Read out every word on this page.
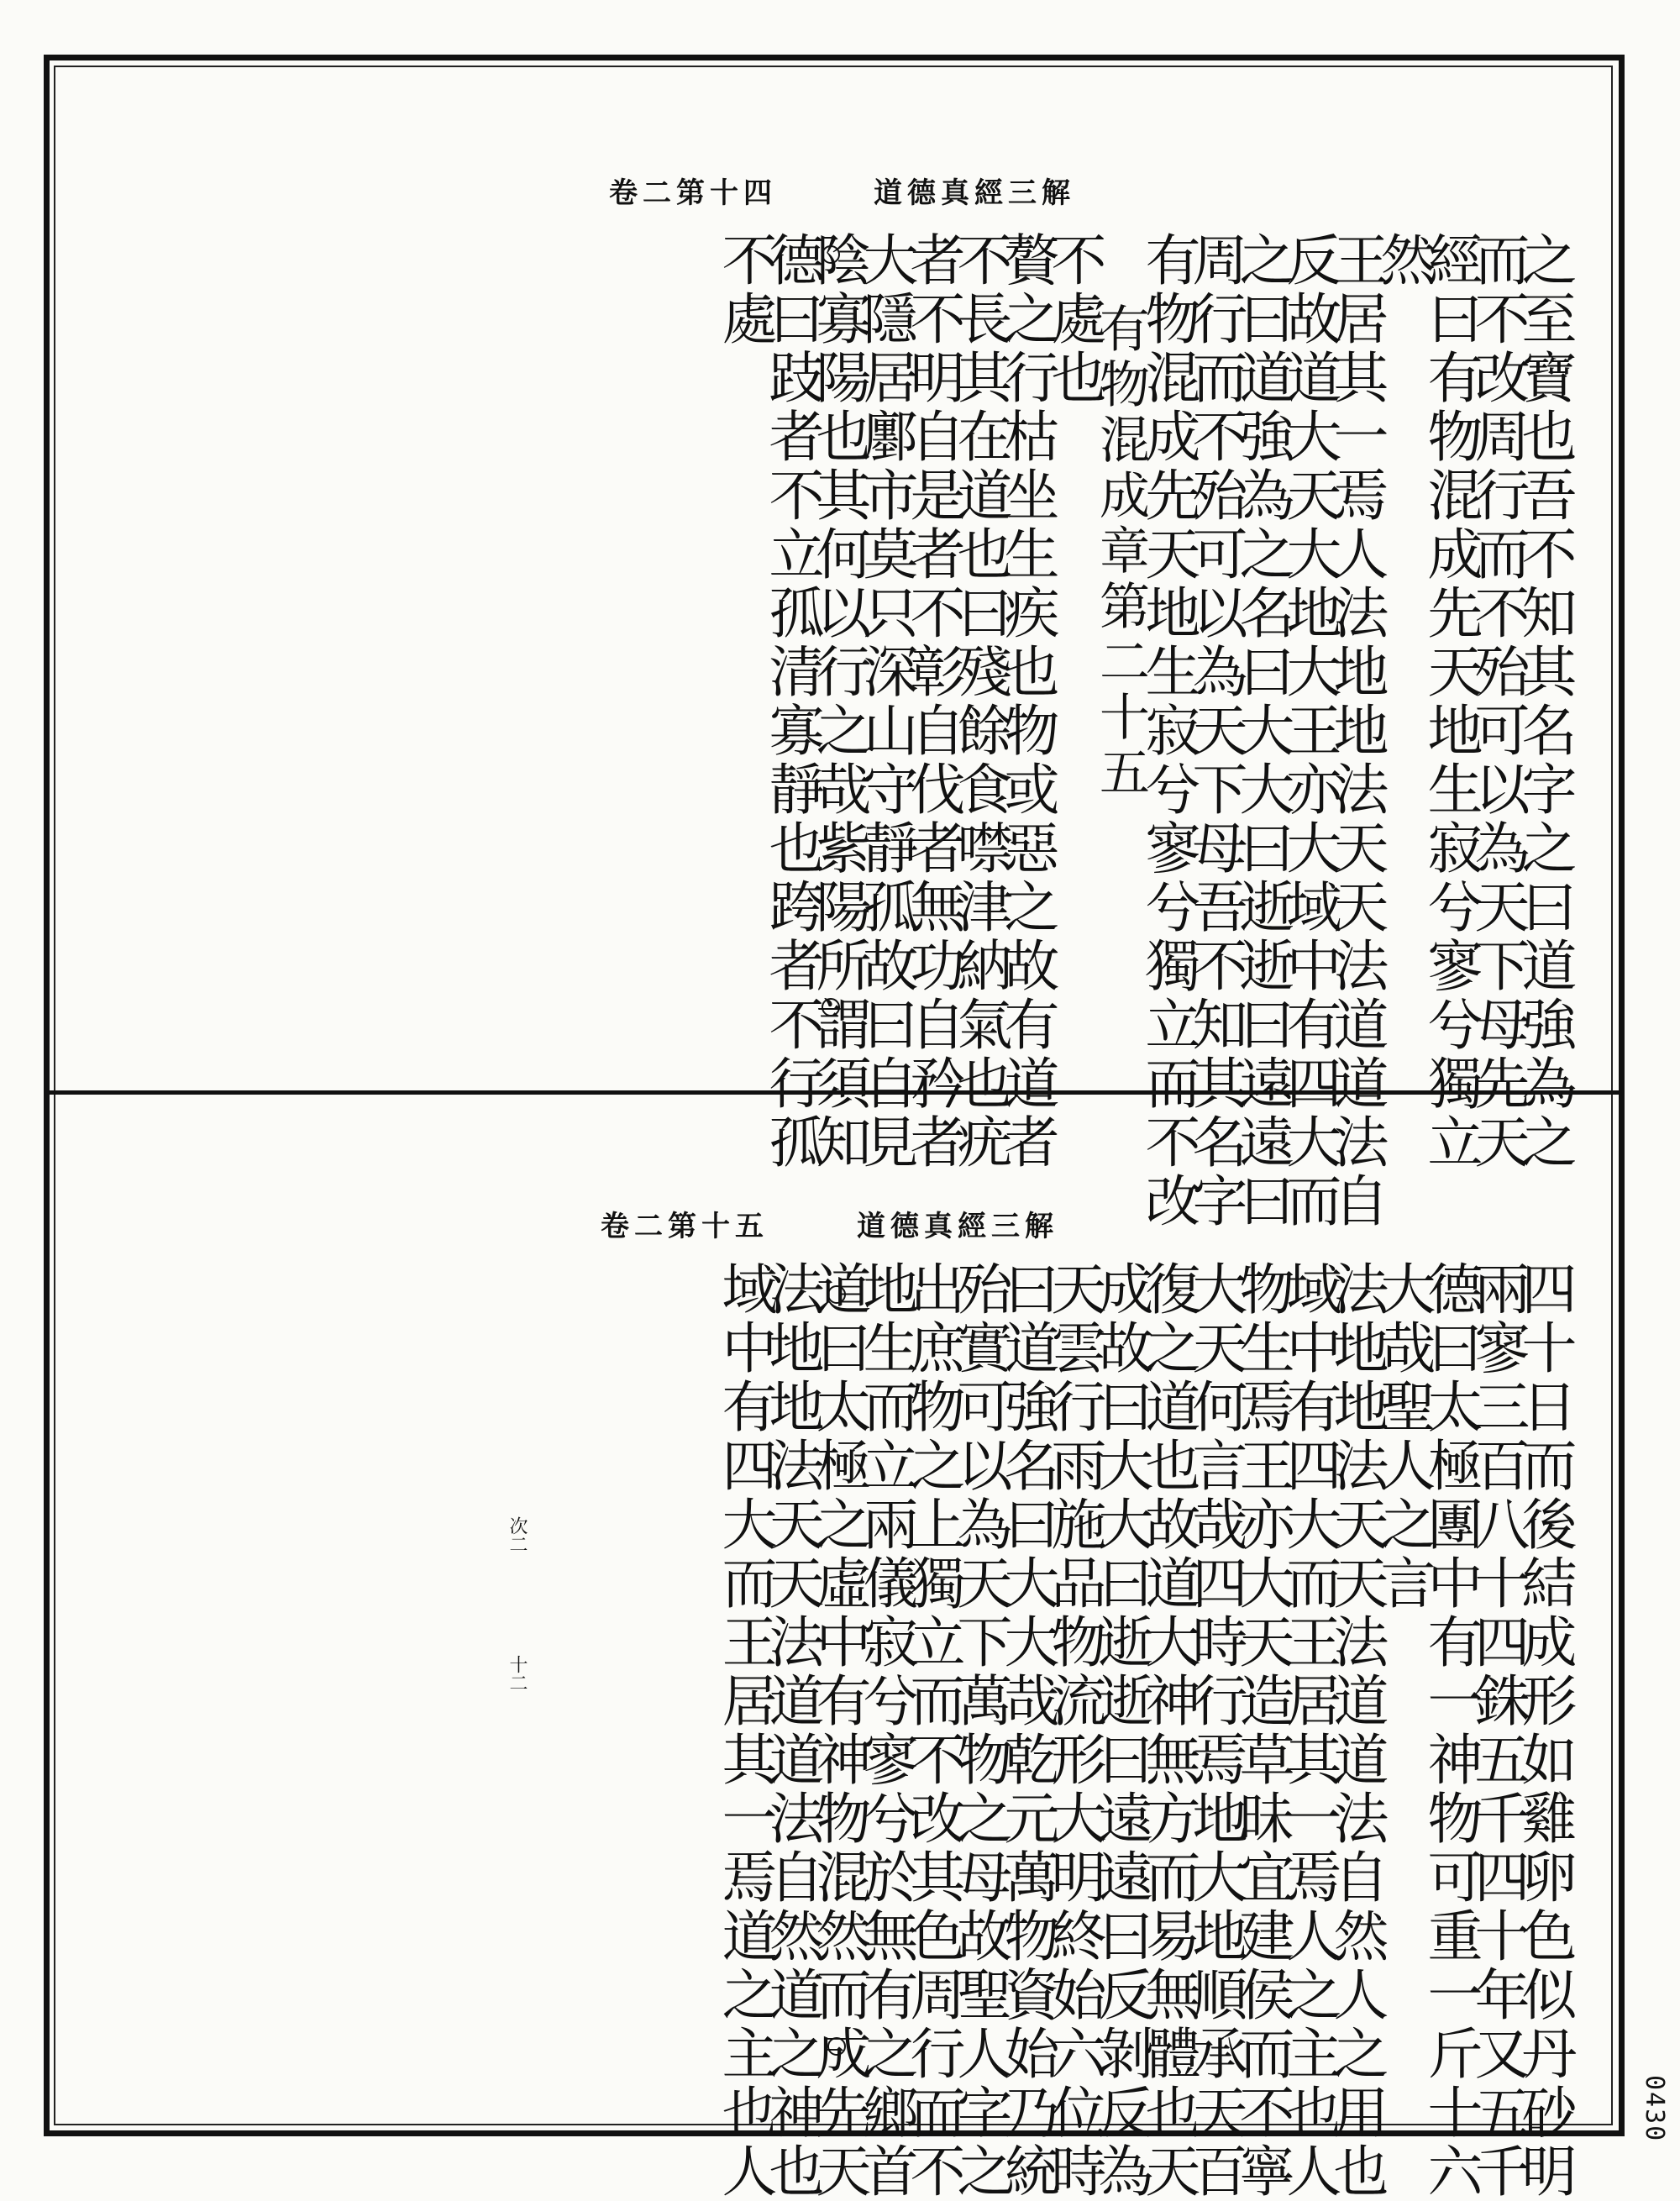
卷二第十四	道德真經三解
不處
德曰跂者不立孤清寡靜也跨者不行孤
陰寡陽也其何以行之哉紫陽所謂須知
大隱居鄽市莫只深山守靜孤故曰自見
者不明自是者不彰自伐者無功自矜者
不長其在道也曰殘餘食噤津納氣也疣
贅之行枯坐生疾也物或惡之故有道者
不處也
有物混成章第二十五
有物混成先天地生寂兮寥兮獨立而不改
周行而不殆可以為天下母吾不知其名字
之曰道強為之名曰大大曰逝逝曰遠遠曰
反故道大天大地大王亦大域中有四大而
王居其一焉人法地地法天天法道道法自
然
經曰有物混成先天地生寂兮寥兮獨立
而不改周行而不殆可以為天下母先天
之至寶也吾不知其名字之曰道強為之
卷二第十五	道德真經三解
域中有四大而王居其一焉道之主也人
法地地法天天法道道法自然道之神也
道曰太極之虛中有神物混然而成先天
地生而立兩儀寂兮寥兮於無有之鄉首
出庶物之上獨立而不改其色周行而不
殆實可以為天下萬物之母故聖人字之
曰道強名曰大大哉乾元萬物資始乃統
天雲行雨施品物流形大明終始六位時
成故曰大大曰逝逝曰遠遠曰反剝反為
復之道也故道大神無方而易無體也天
大天何言哉四時行焉地大地順承天百
物生焉王亦大天造草昧宜建侯而不寧
域中有四大而王居其一焉人之主也人
法地地法天天法道道法自然人之用也
大哉聖人之言
德曰太極團中有一神物可重一斤十六
兩寥三百八十四銖五千四十年又五千
四十日而後結成形如雞卵色似丹砂明
次二
十二
0430
